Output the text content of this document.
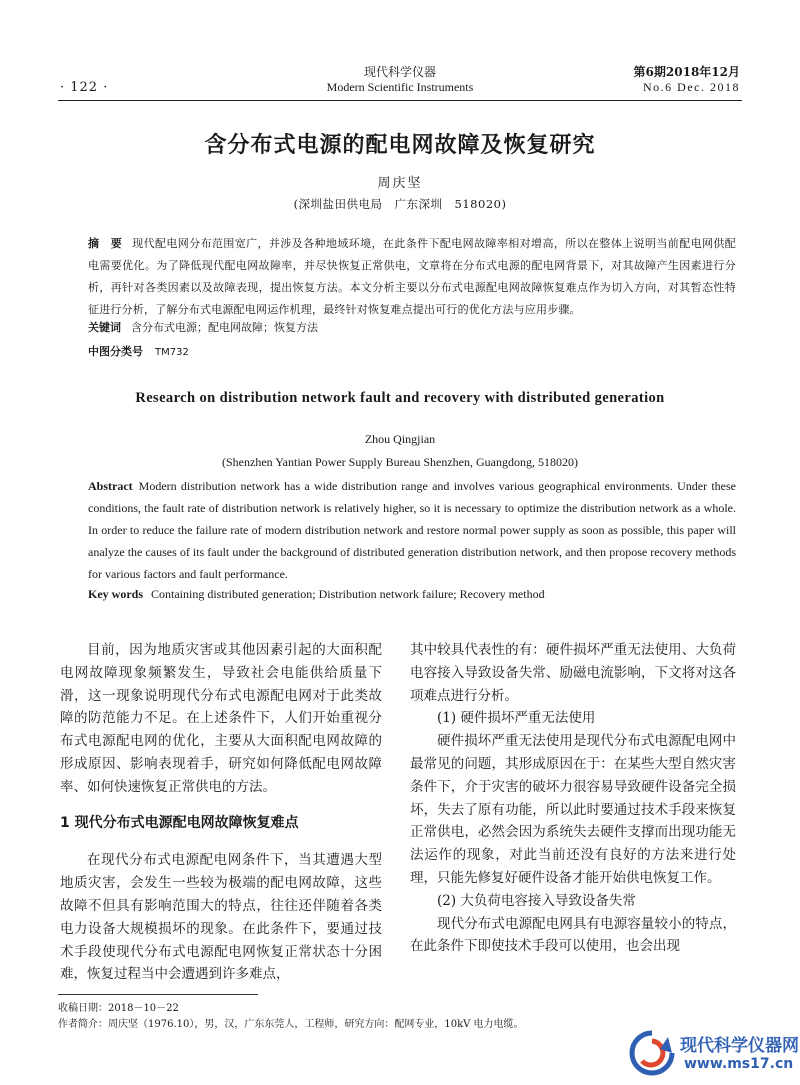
· 122 ·
现代科学仪器
Modern Scientific Instruments
第6期2018年12月
No.6 Dec. 2018
含分布式电源的配电网故障及恢复研究
周庆坚
(深圳盐田供电局　广东深圳　518020)
摘　要 现代配电网分布范围宽广，并涉及各种地域环境，在此条件下配电网故障率相对增高，所以在整体上说明当前配电网供配电需要优化。为了降低现代配电网故障率，并尽快恢复正常供电，文章将在分布式电源的配电网背景下，对其故障产生因素进行分析，再针对各类因素以及故障表现，提出恢复方法。本文分析主要以分布式电源配电网故障恢复难点作为切入方向，对其暂态性特征进行分析，了解分布式电源配电网运作机理，最终针对恢复难点提出可行的优化方法与应用步骤。
关键词 含分布式电源；配电网故障；恢复方法
中图分类号 TM732
Research on distribution network fault and recovery with distributed generation
Zhou Qingjian
(Shenzhen Yantian Power Supply Bureau Shenzhen, Guangdong, 518020)
Abstract Modern distribution network has a wide distribution range and involves various geographical environments. Under these conditions, the fault rate of distribution network is relatively higher, so it is necessary to optimize the distribution network as a whole. In order to reduce the failure rate of modern distribution network and restore normal power supply as soon as possible, this paper will analyze the causes of its fault under the background of distributed generation distribution network, and then propose recovery methods for various factors and fault performance.
Key words Containing distributed generation; Distribution network failure; Recovery method

目前，因为地质灾害或其他因素引起的大面积配电网故障现象频繁发生，导致社会电能供给质量下滑，这一现象说明现代分布式电源配电网对于此类故障的防范能力不足。在上述条件下，人们开始重视分布式电源配电网的优化，主要从大面积配电网故障的形成原因、影响表现着手，研究如何降低配电网故障率、如何快速恢复正常供电的方法。

1 现代分布式电源配电网故障恢复难点

在现代分布式电源配电网条件下，当其遭遇大型地质灾害，会发生一些较为极端的配电网故障，这些故障不但具有影响范围大的特点，往往还伴随着各类电力设备大规模损坏的现象。在此条件下，要通过技术手段使现代分布式电源配电网恢复正常状态十分困难，恢复过程当中会遭遇到许多难点，

其中较具代表性的有：硬件损坏严重无法使用、大负荷电容接入导致设备失常、励磁电流影响，下文将对这各项难点进行分析。

(1) 硬件损坏严重无法使用

硬件损坏严重无法使用是现代分布式电源配电网中最常见的问题，其形成原因在于：在某些大型自然灾害条件下，介于灾害的破坏力很容易导致硬件设备完全损坏，失去了原有功能，所以此时要通过技术手段来恢复正常供电，必然会因为系统失去硬件支撑而出现功能无法运作的现象，对此当前还没有良好的方法来进行处理，只能先修复好硬件设备才能开始供电恢复工作。

(2) 大负荷电容接入导致设备失常

现代分布式电源配电网具有电源容量较小的特点，在此条件下即使技术手段可以使用，也会出现

收稿日期：2018－10－22
作者简介：周庆坚（1976.10），男，汉，广东东莞人，工程师，研究方向：配网专业，10kV 电力电缆。
现代科学仪器网
www.ms17.cn
